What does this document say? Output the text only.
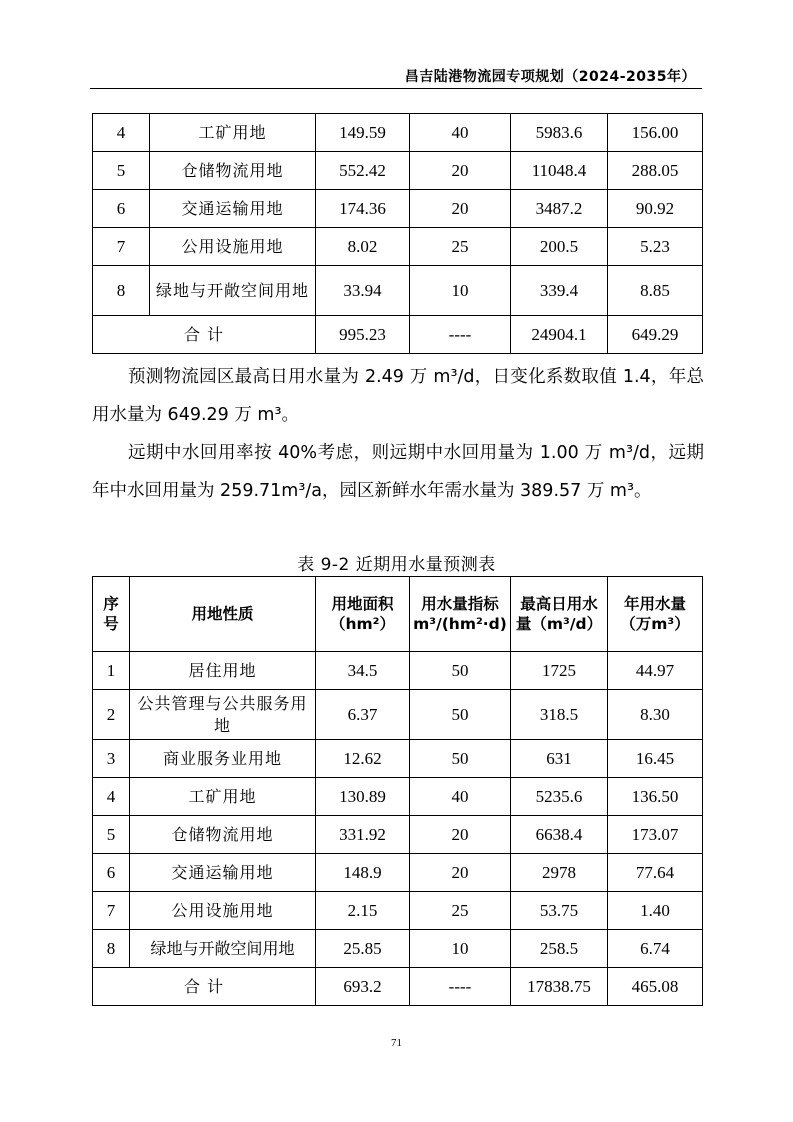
昌吉陆港物流园专项规划（2024-2035年）
4	工矿用地	149.59	40	5983.6	156.00
5	仓储物流用地	552.42	20	11048.4	288.05
6	交通运输用地	174.36	20	3487.2	90.92
7	公用设施用地	8.02	25	200.5	5.23
8	绿地与开敞空间用地	33.94	10	339.4	8.85
合 计		995.23	----	24904.1	649.29
预测物流园区最高日用水量为 2.49 万 m³/d，日变化系数取值 1.4，年总用水量为 649.29 万 m³。
远期中水回用率按 40%考虑，则远期中水回用量为 1.00 万 m³/d，远期年中水回用量为 259.71m³/a，园区新鲜水年需水量为 389.57 万 m³。
表 9-2 近期用水量预测表
序号	用地性质	用地面积（hm²）	用水量指标 m³/(hm²·d)	最高日用水量（m³/d）	年用水量（万m³）
1	居住用地	34.5	50	1725	44.97
2	公共管理与公共服务用地	6.37	50	318.5	8.30
3	商业服务业用地	12.62	50	631	16.45
4	工矿用地	130.89	40	5235.6	136.50
5	仓储物流用地	331.92	20	6638.4	173.07
6	交通运输用地	148.9	20	2978	77.64
7	公用设施用地	2.15	25	53.75	1.40
8	绿地与开敞空间用地	25.85	10	258.5	6.74
合 计		693.2	----	17838.75	465.08
71
